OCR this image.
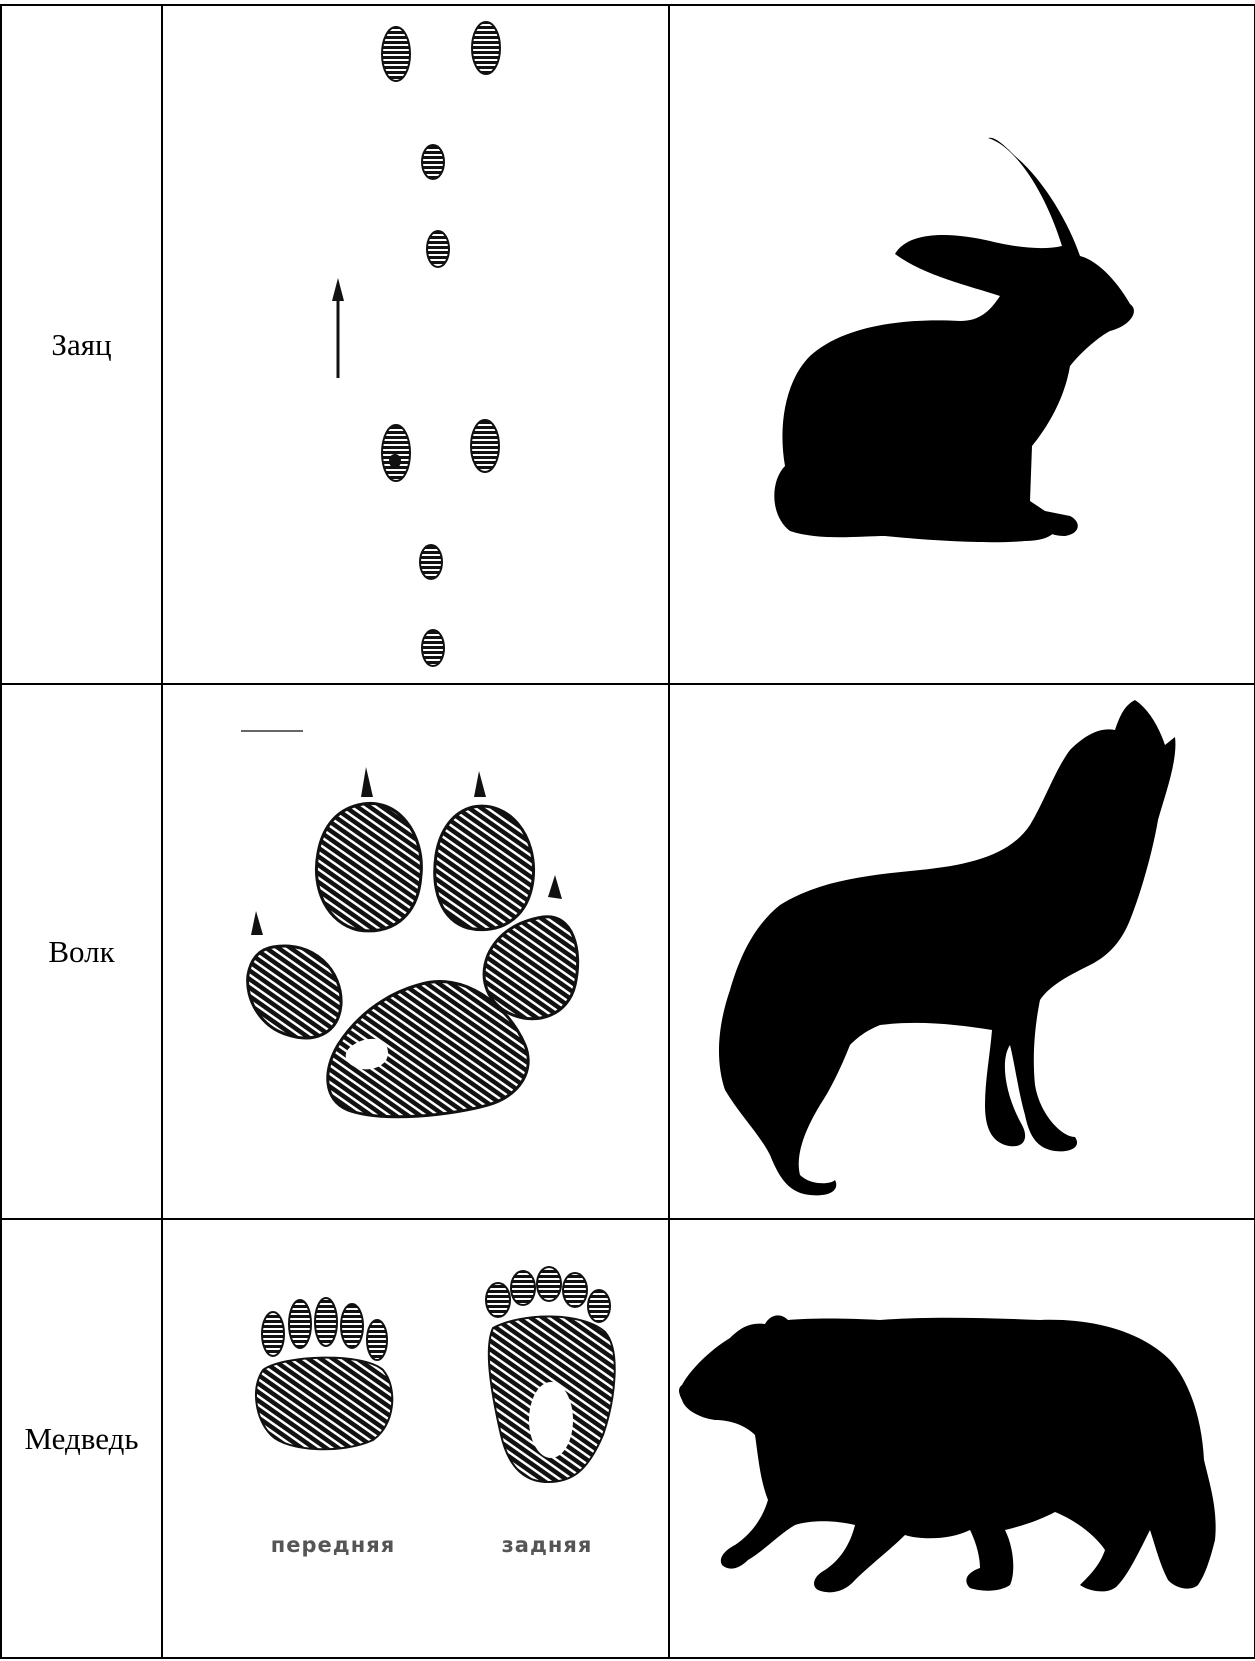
Заяц	

Волк	

Медведь	передняя задняя
